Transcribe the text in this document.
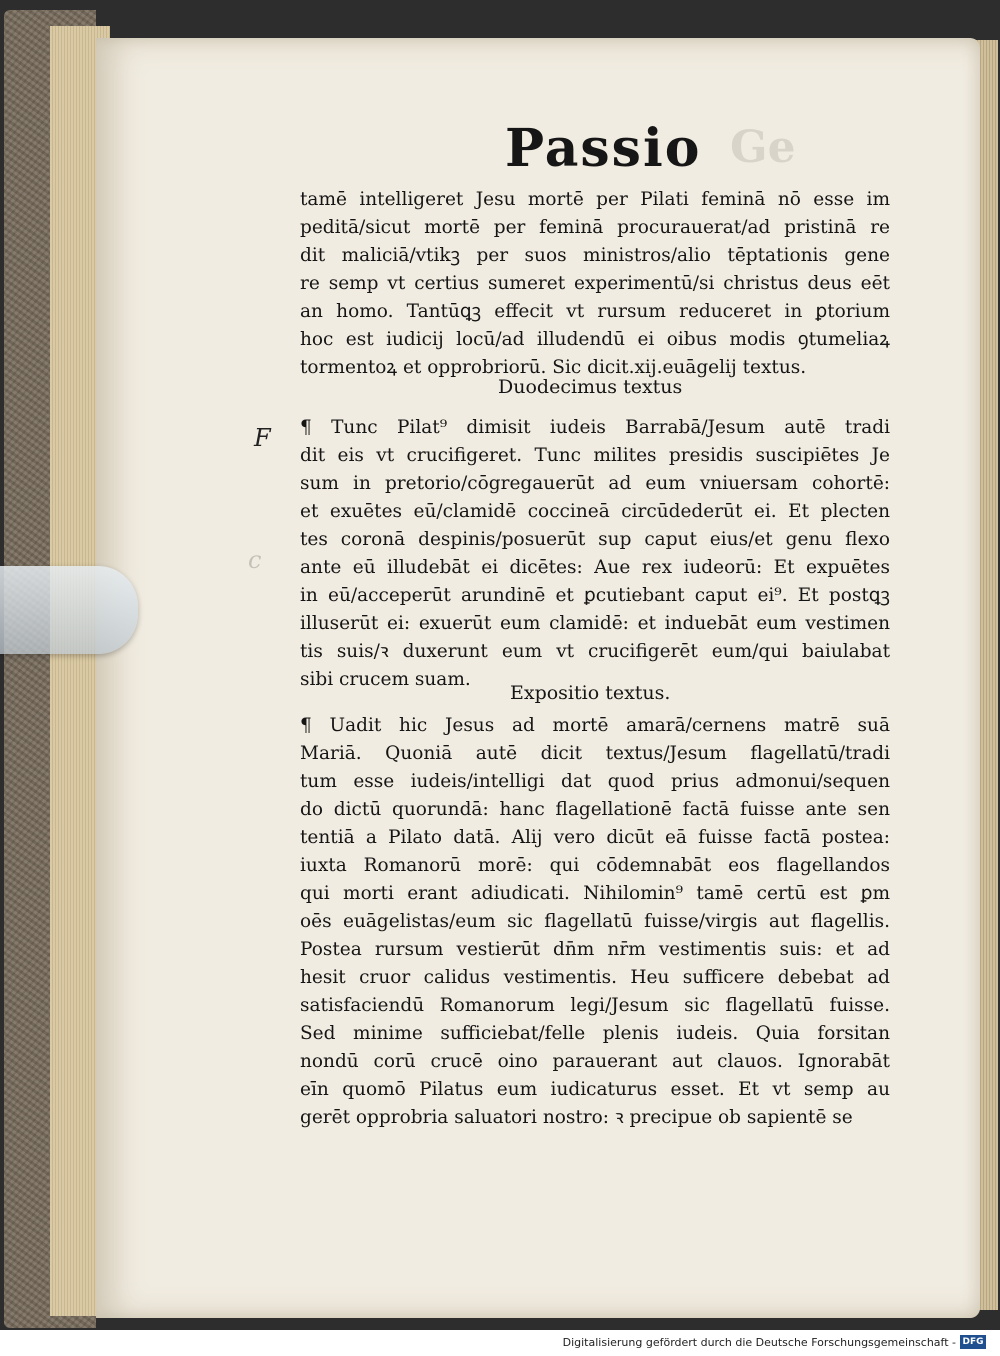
Ge
Passio
tamē intelligeret Jesu mortē per Pilati feminā nō esse im
peditā/sicut mortē per feminā procurauerat/ad pristinā re
dit maliciā/vtikꝫ per suos ministros/alio tēptationis gene
re semp vt certius sumeret experimentū/si christus deus eēt
an homo. Tantūꝗꝫ effecit vt rursum reduceret in ꝑtorium
hoc est iudicij locū/ad illudendū ei oibus modis ꝯtumeliaꝝ
tormentoꝝ et opprobriorū. Sic dicit.xij.euāgelij textus.
Duodecimus textus
F
c
¶ Tunc Pilat⁹ dimisit iudeis Barrabā/Jesum autē tradi
dit eis vt crucifigeret. Tunc milites presidis suscipiētes Je
sum in pretorio/cōgregauerūt ad eum vniuersam cohortē:
et exuētes eū/clamidē coccineā circūdederūt ei. Et plecten
tes coronā despinis/posuerūt sup caput eius/et genu flexo
ante eū illudebāt ei dicētes: Aue rex iudeorū: Et expuētes
in eū/acceperūt arundinē et ꝑcutiebant caput ei⁹. Et postꝗꝫ
illuserūt ei: exuerūt eum clamidē: et induebāt eum vestimen
tis suis/ꝛ duxerunt eum vt crucifigerēt eum/qui baiulabat
sibi crucem suam.
Expositio textus.
¶ Uadit hic Jesus ad mortē amarā/cernens matrē suā
Mariā. Quoniā autē dicit textus/Jesum flagellatū/tradi
tum esse iudeis/intelligi dat quod prius admonui/sequen
do dictū quorundā: hanc flagellationē factā fuisse ante sen
tentiā a Pilato datā. Alij vero dicūt eā fuisse factā postea:
iuxta Romanorū morē: qui cōdemnabāt eos flagellandos
qui morti erant adiudicati. Nihilomin⁹ tamē certū est ꝑm
oēs euāgelistas/eum sic flagellatū fuisse/virgis aut flagellis.
Postea rursum vestierūt dn̄m nr̄m vestimentis suis: et ad
hesit cruor calidus vestimentis. Heu sufficere debebat ad
satisfaciendū Romanorum legi/Jesum sic flagellatū fuisse.
Sed minime sufficiebat/felle plenis iudeis. Quia forsitan
nondū corū crucē oino parauerant aut clauos. Ignorabāt
eīn quomō Pilatus eum iudicaturus esset. Et vt semp au
gerēt opprobria saluatori nostro: ꝛ precipue ob sapientē se
Digitalisierung gefördert durch die Deutsche Forschungsgemeinschaft - DFG
